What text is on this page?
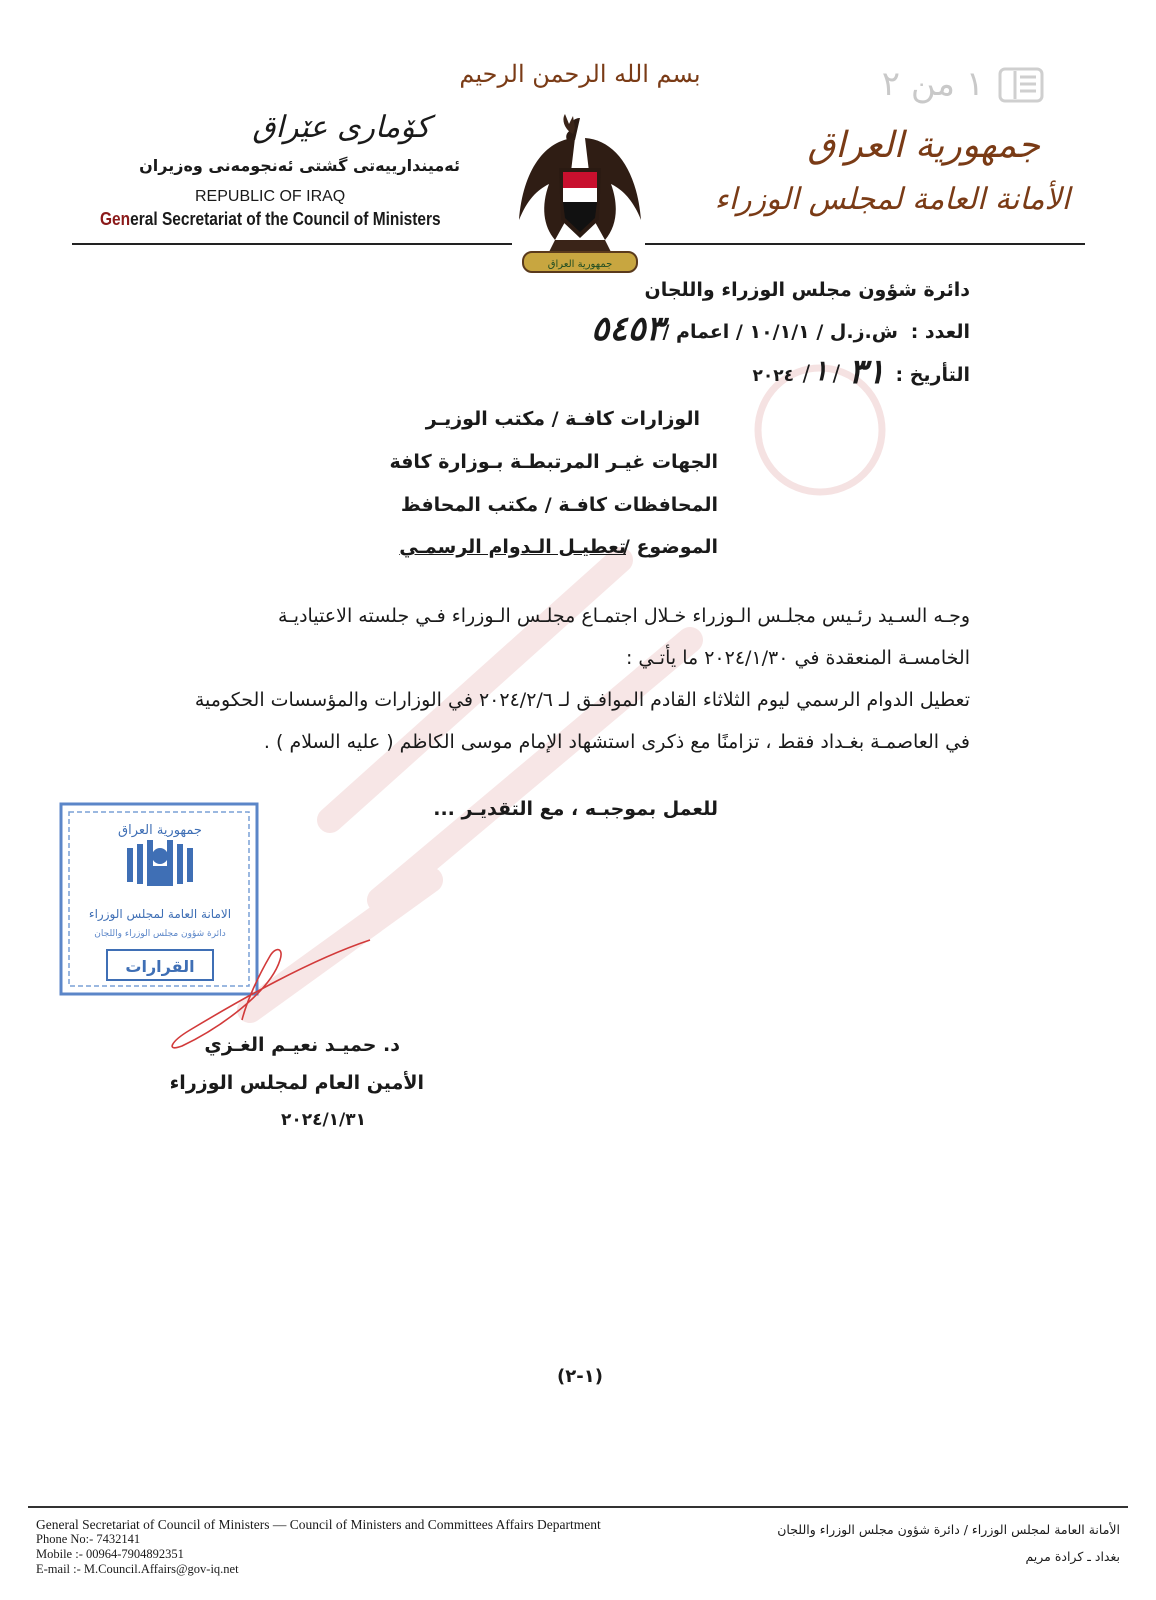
١ من ٢
بسم الله الرحمن الرحيم
جمهورية العراق
الأمانة العامة لمجلس الوزراء
كۆماری عێراق
ئەمیندارییەتی گشتی ئەنجومەنی وەزیران
REPUBLIC OF IRAQ
General Secretariat of the Council of Ministers
جمهورية العراق
دائرة شؤون مجلس الوزراء واللجان
العدد :
ش.ز.ل / ١٠/١/١ / اعمام /
٥٤٥٣
التأريخ :
٣١
/
١
/
٢٠٢٤
الوزارات كافـة / مكتب الوزيـر
الجهات غيـر المرتبطـة بـوزارة كافة
المحافظات كافـة / مكتب المحافظ
الموضوع /
تعطيـل الـدوام الرسمـي
وجـه السـيد رئـيس مجلـس الـوزراء خـلال اجتمـاع مجلـس الـوزراء فـي جلسته الاعتياديـة
الخامسـة المنعقدة في ٢٠٢٤/١/٣٠ ما يأتـي :
تعطيل الدوام الرسمي ليوم الثلاثاء القادم الموافـق لـ ٢٠٢٤/٢/٦ في الوزارات والمؤسسات الحكومية
في العاصمـة بغـداد فقط ، تزامنًا مع ذكرى استشهاد الإمام موسى الكاظم ( عليه السلام ) .
للعمل بموجبـه ، مع التقديـر ...
جمهورية العراق
الامانة العامة لمجلس الوزراء
دائرة شؤون مجلس الوزراء واللجان
القرارات
د. حميـد نعيـم الغـزي
الأمين العام لمجلس الوزراء
٢٠٢٤/١/٣١
(١-٢)
General Secretariat of Council of Ministers — Council of Ministers and Committees Affairs Department
Phone No:- 7432141
Mobile :- 00964-7904892351
E-mail :- M.Council.Affairs@gov-iq.net
الأمانة العامة لمجلس الوزراء / دائرة شؤون مجلس الوزراء واللجان
بغداد ـ كرادة مريم
